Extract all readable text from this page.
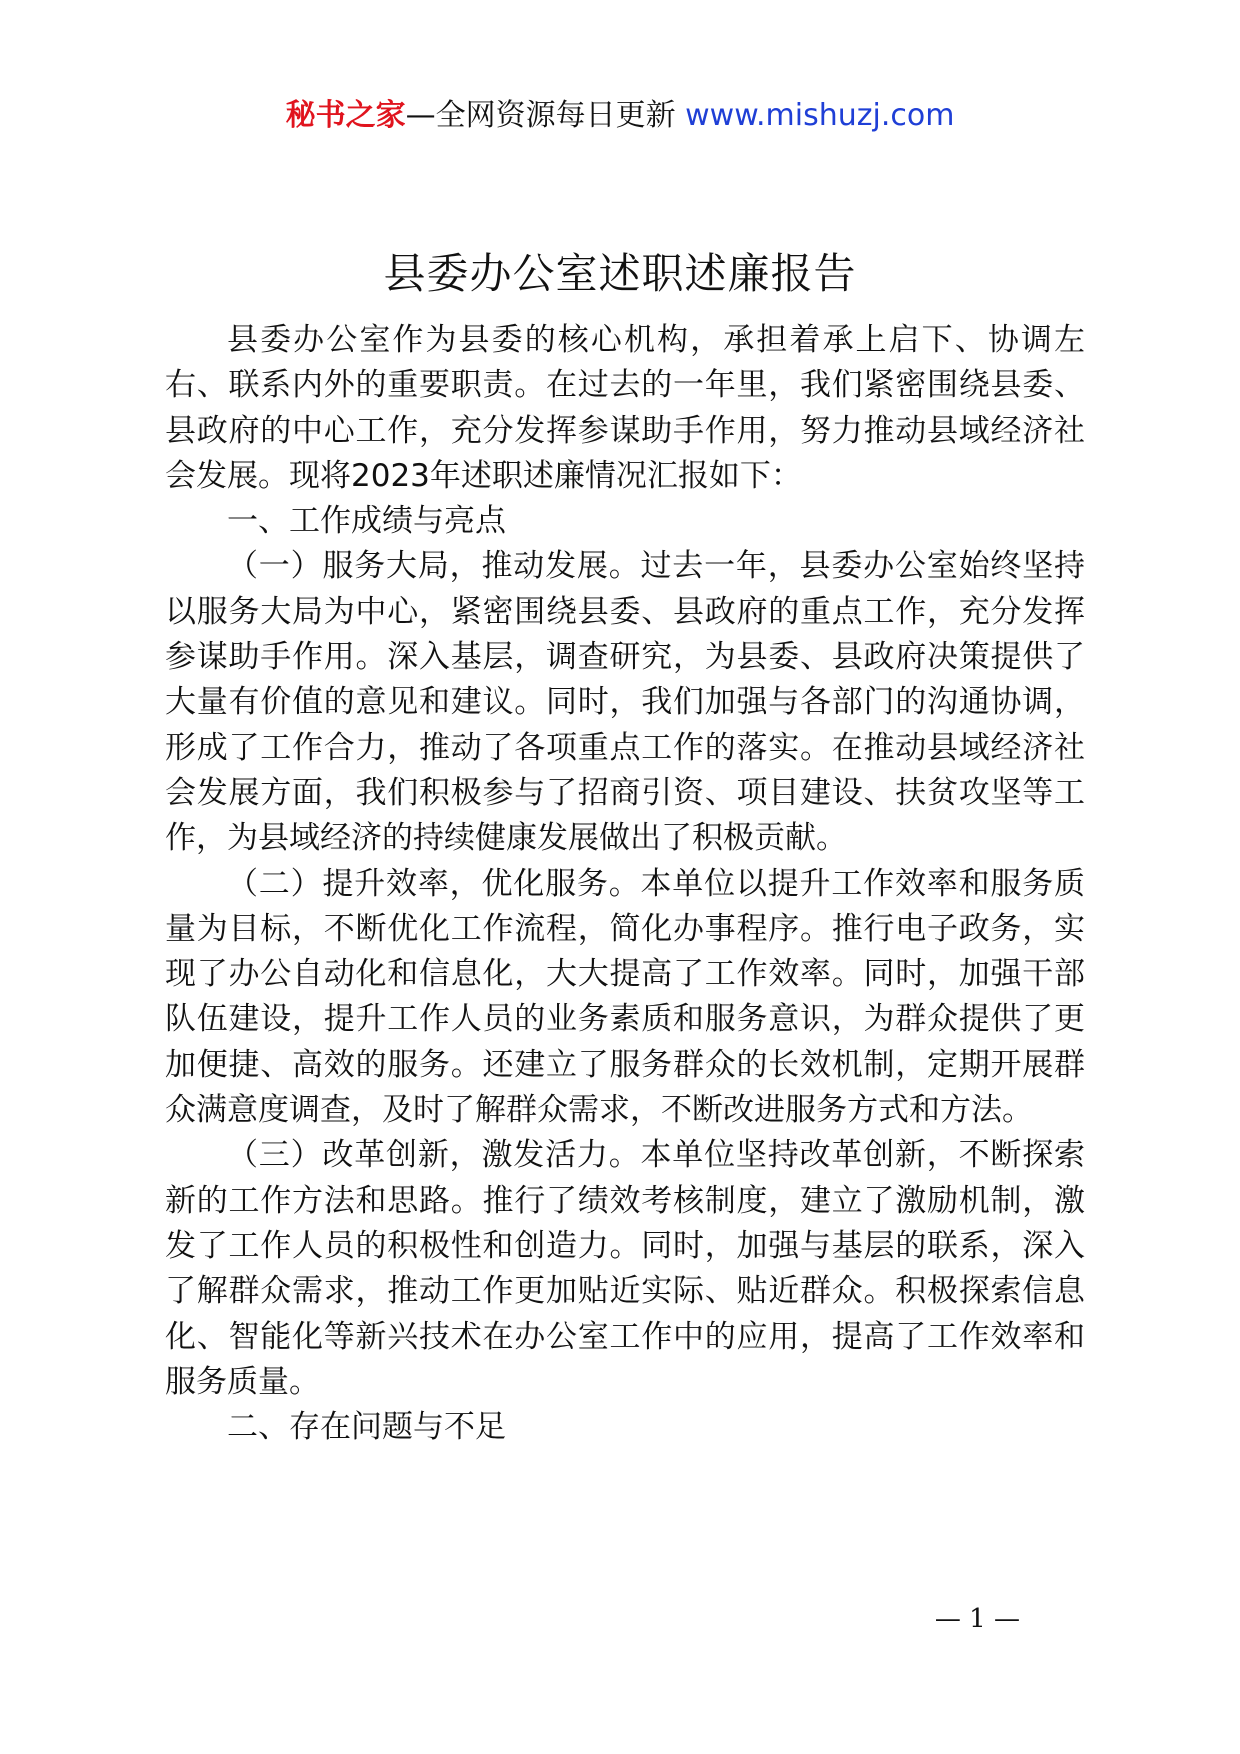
秘书之家—全网资源每日更新 www.mishuzj.com
县委办公室述职述廉报告

县委办公室作为县委的核心机构，承担着承上启下、协调左右、联系内外的重要职责。在过去的一年里，我们紧密围绕县委、县政府的中心工作，充分发挥参谋助手作用，努力推动县域经济社会发展。现将2023年述职述廉情况汇报如下：

一、工作成绩与亮点

（一）服务大局，推动发展。过去一年，县委办公室始终坚持以服务大局为中心，紧密围绕县委、县政府的重点工作，充分发挥参谋助手作用。深入基层，调查研究，为县委、县政府决策提供了大量有价值的意见和建议。同时，我们加强与各部门的沟通协调，形成了工作合力，推动了各项重点工作的落实。在推动县域经济社会发展方面，我们积极参与了招商引资、项目建设、扶贫攻坚等工作，为县域经济的持续健康发展做出了积极贡献。

（二）提升效率，优化服务。本单位以提升工作效率和服务质量为目标，不断优化工作流程，简化办事程序。推行电子政务，实现了办公自动化和信息化，大大提高了工作效率。同时，加强干部队伍建设，提升工作人员的业务素质和服务意识，为群众提供了更加便捷、高效的服务。还建立了服务群众的长效机制，定期开展群众满意度调查，及时了解群众需求，不断改进服务方式和方法。

（三）改革创新，激发活力。本单位坚持改革创新，不断探索新的工作方法和思路。推行了绩效考核制度，建立了激励机制，激发了工作人员的积极性和创造力。同时，加强与基层的联系，深入了解群众需求，推动工作更加贴近实际、贴近群众。积极探索信息化、智能化等新兴技术在办公室工作中的应用，提高了工作效率和服务质量。

二、存在问题与不足

— 1 —
